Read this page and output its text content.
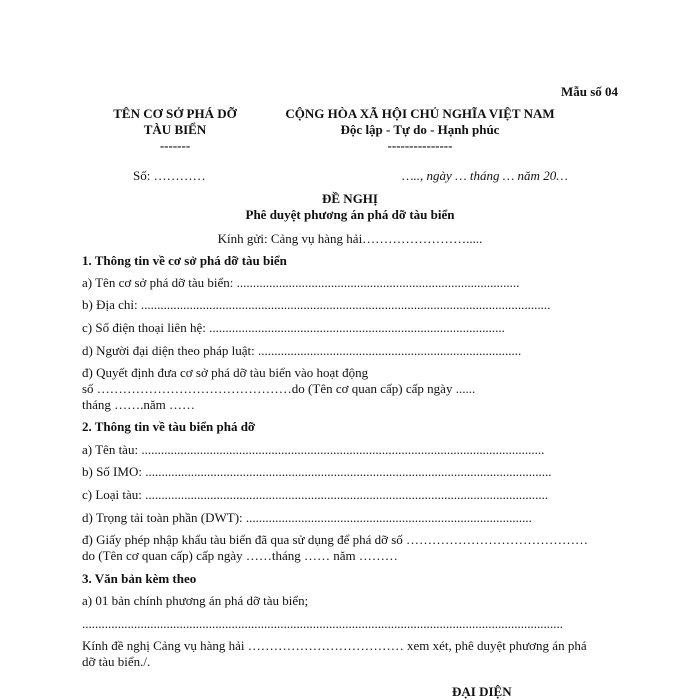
Mẫu số 04
TÊN CƠ SỞ PHÁ DỠ
TÀU BIỂN
-------
CỘNG HÒA XÃ HỘI CHỦ NGHĨA VIỆT NAM
Độc lập - Tự do - Hạnh phúc
---------------
Số: …………	….., ngày … tháng … năm 20…
ĐỀ NGHỊ
Phê duyệt phương án phá dỡ tàu biển
Kính gửi: Cảng vụ hàng hải…………………….....
1. Thông tin về cơ sở phá dỡ tàu biển
a) Tên cơ sở phá dỡ tàu biển: .......................................................................................
b) Địa chỉ: ..............................................................................................................................
c) Số điện thoại liên hệ: ...........................................................................................
d) Người đại diện theo pháp luật: .................................................................................
đ) Quyết định đưa cơ sở phá dỡ tàu biển vào hoạt động
số ………………………………………do (Tên cơ quan cấp) cấp ngày ......
tháng …….năm ……
2. Thông tin về tàu biển phá dỡ
a) Tên tàu: ............................................................................................................................
b) Số IMO: .............................................................................................................................
c) Loại tàu: ............................................................................................................................
d) Trọng tải toàn phần (DWT): ........................................................................................
đ) Giấy phép nhập khẩu tàu biển đã qua sử dụng để phá dỡ số ……………………………………
do (Tên cơ quan cấp) cấp ngày ……tháng …… năm ………
3. Văn bản kèm theo
a) 01 bản chính phương án phá dỡ tàu biển;
....................................................................................................................................................
Kính đề nghị Cảng vụ hàng hải ……………………………… xem xét, phê duyệt phương án phá
dỡ tàu biển./.
ĐẠI DIỆN
